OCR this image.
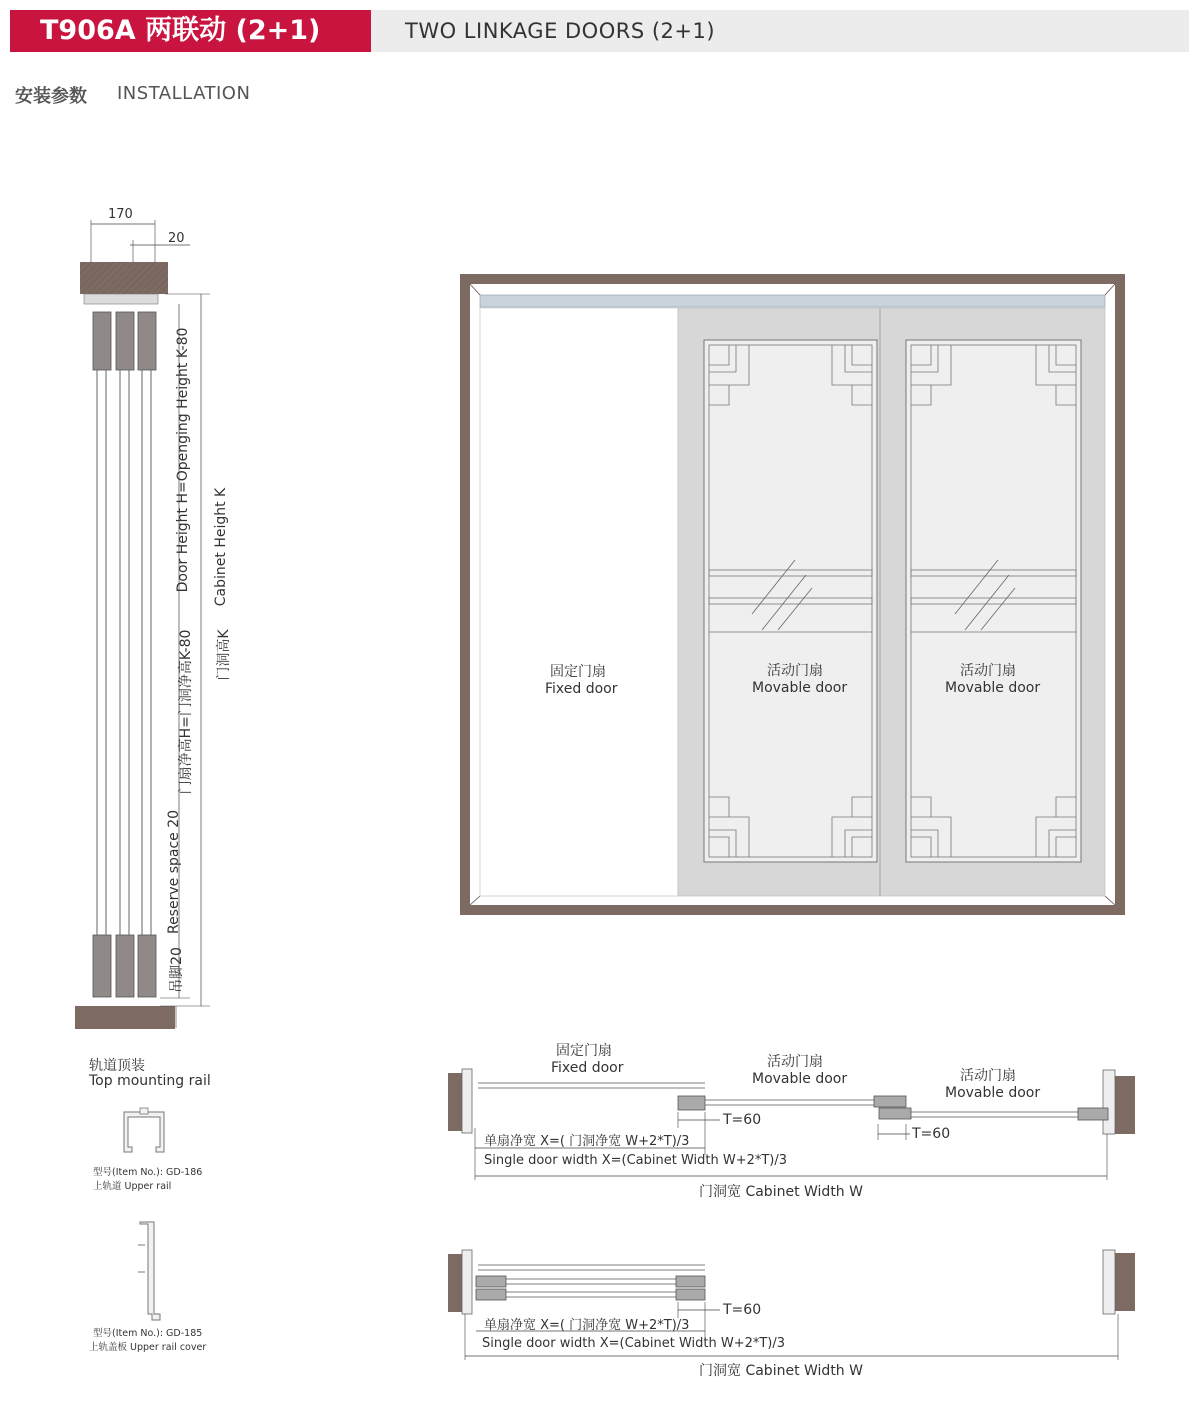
T906A 两联动 (2+1)	TWO LINKAGE DOORS (2+1)
安装参数 INSTALLATION
170
20
Door Height H=Openging Height K-80
门扇净高H=门洞净高K-80
Cabinet Height K
门洞高K
Reserve space 20
吊脚20
轨道顶装
Top mounting rail
型号(Item No.): GD-186
上轨道 Upper rail
型号(Item No.): GD-185
上轨盖板 Upper rail cover
固定门扇
Fixed door
活动门扇
Movable door
活动门扇
Movable door
固定门扇
Fixed door	活动门扇
Movable door	活动门扇
Movable door
T=60
T=60
单扇净宽 X=( 门洞净宽 W+2*T)/3
Single door width X=(Cabinet Width W+2*T)/3
门洞宽 Cabinet Width W
T=60
单扇净宽 X=( 门洞净宽 W+2*T)/3
Single door width X=(Cabinet Width W+2*T)/3
门洞宽 Cabinet Width W
